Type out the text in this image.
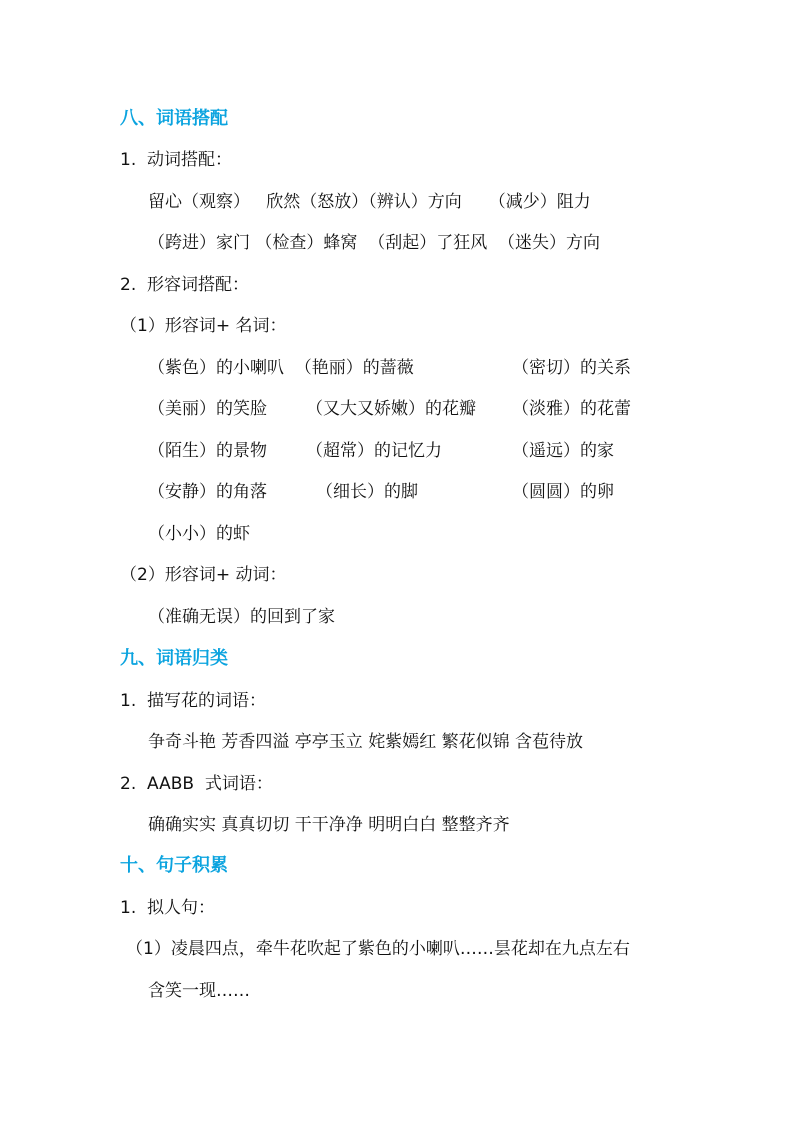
八、词语搭配
1.  动词搭配：
留心（观察）   欣然（怒放）（辨认）方向     （减少）阻力
（跨进）家门 （检查）蜂窝  （刮起）了狂风  （迷失）方向
2.  形容词搭配：
（1）形容词+ 名词：
（紫色）的小喇叭  （艳丽）的蔷薇	（密切）的关系
（美丽）的笑脸 （又大又娇嫩）的花瓣 （淡雅）的花蕾
（陌生）的景物 （超常）的记忆力	（遥远）的家
（安静）的角落	（细长）的脚	（圆圆）的卵
（小小）的虾
（2）形容词+ 动词：
（准确无误）的回到了家
九、词语归类
1.  描写花的词语：
争奇斗艳 芳香四溢 亭亭玉立 姹紫嫣红 繁花似锦 含苞待放
2.  AABB  式词语：
确确实实 真真切切 干干净净 明明白白 整整齐齐
十、句子积累
1.  拟人句：
（1）凌晨四点，牵牛花吹起了紫色的小喇叭……昙花却在九点左右
含笑一现……
